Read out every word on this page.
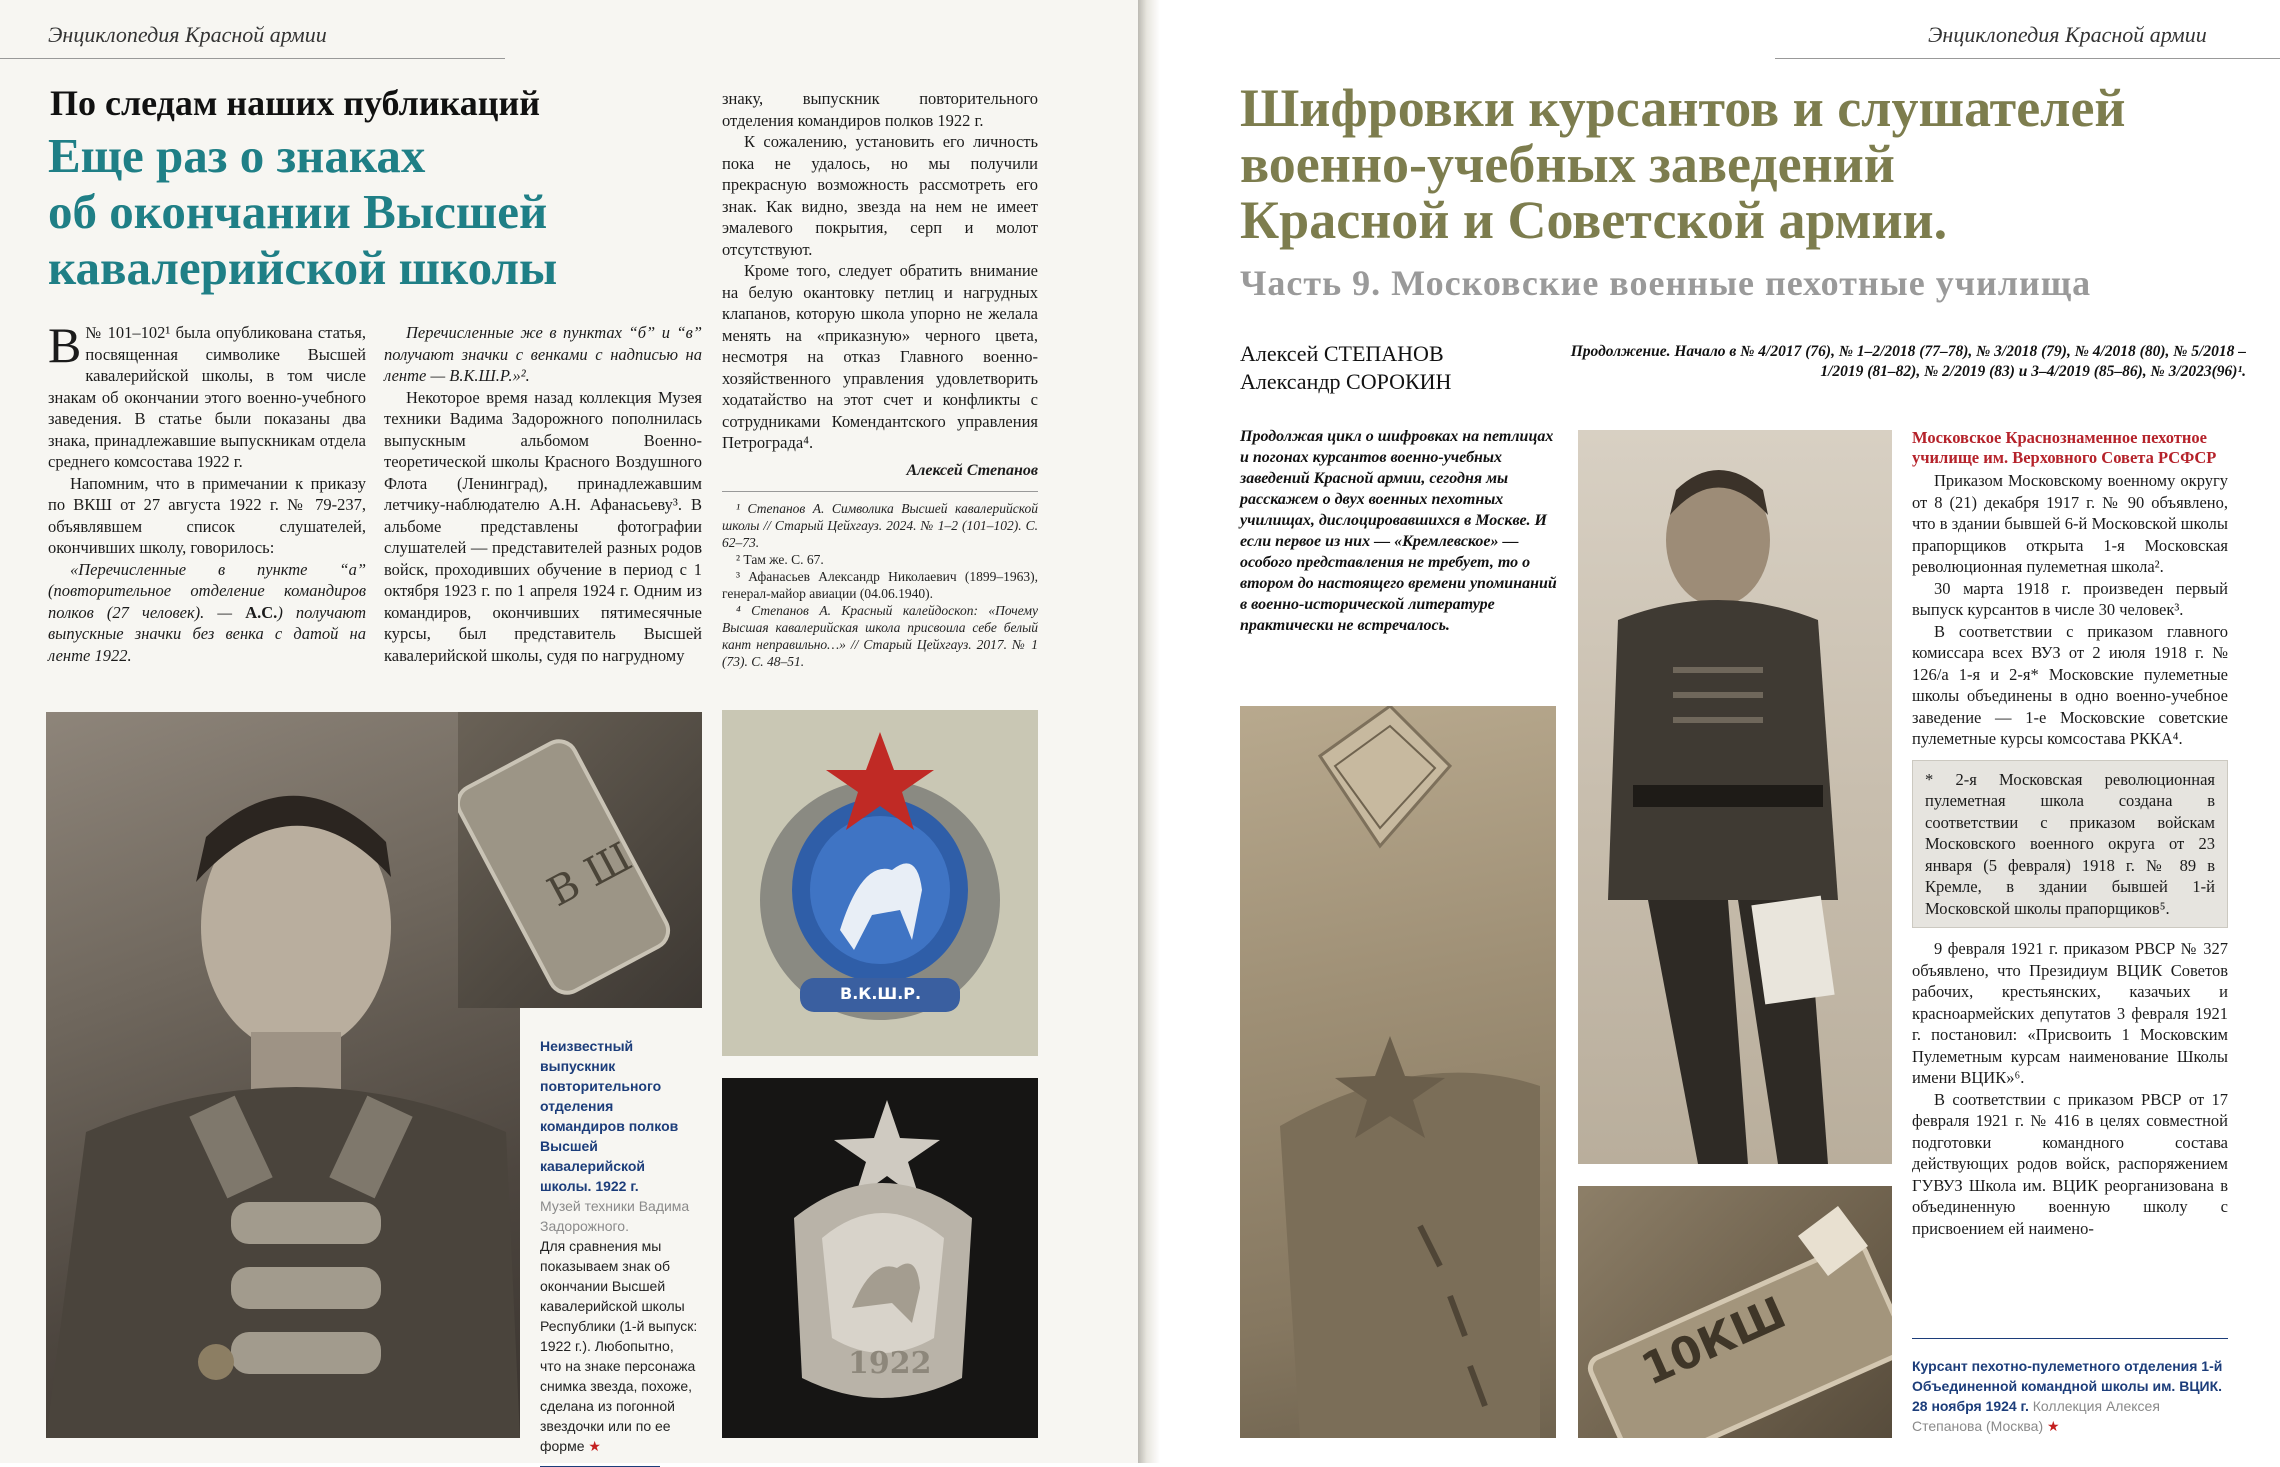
Энциклопедия Красной армии
По следам наших публикаций
Еще раз о знаках
об окончании Высшей
кавалерийской школы

В № 101–102¹ была опубликована статья, посвященная символике Высшей кавалерийской школы, в том числе знакам об окончании этого военно-учебного заведения. В статье были показаны два знака, принадлежавшие выпускникам отдела среднего комсостава 1922 г.

Напомним, что в примечании к приказу по ВКШ от 27 августа 1922 г. № 79-237, объявлявшем список слушателей, окончивших школу, говорилось:

«Перечисленные в пункте “а” (повторительное отделение командиров полков (27 человек). — А.С.) получают выпускные значки без венка с датой на ленте 1922.

Перечисленные же в пунктах “б” и “в” получают значки с венками с надписью на ленте — В.К.Ш.Р.»².

Некоторое время назад коллекция Музея техники Вадима Задорожного пополнилась выпускным альбомом Военно-теоретической школы Красного Воздушного Флота (Ленинград), принадлежавшим летчику-наблюдателю А.Н. Афанасьеву³. В альбоме представлены фотографии слушателей — представителей разных родов войск, проходивших обучение в период с 1 октября 1923 г. по 1 апреля 1924 г. Одним из командиров, окончивших пятимесячные курсы, был представитель Высшей кавалерийской школы, судя по нагрудному

знаку, выпускник повторительного отделения командиров полков 1922 г.

К сожалению, установить его личность пока не удалось, но мы получили прекрасную возможность рассмотреть его знак. Как видно, звезда на нем не имеет эмалевого покрытия, серп и молот отсутствуют.

Кроме того, следует обратить внимание на белую окантовку петлиц и нагрудных клапанов, которую школа упорно не желала менять на «приказную» черного цвета, несмотря на отказ Главного военно-хозяйственного управления удовлетворить ходатайство на этот счет и конфликты с сотрудниками Комендантского управления Петрограда⁴.

Алексей Степанов

¹ Степанов А. Символика Высшей кавалерийской школы // Старый Цейхгауз. 2024. № 1–2 (101–102). С. 62–73.

² Там же. С. 67.

³ Афанасьев Александр Николаевич (1899–1963), генерал-майор авиации (04.06.1940).

⁴ Степанов А. Красный калейдоскоп: «Почему Высшая кавалерийская школа присвоила себе белый кант неправильно…» // Старый Цейхгауз. 2017. № 1 (73). С. 48–51.

В Ш
Неизвестный выпускник повторительного отделения командиров полков Высшей кавалерийской школы. 1922 г.
Музей техники Вадима Задорожного.
Для сравнения мы показываем знак об окончании Высшей кавалерийской школы Республики (1-й выпуск: 1922 г.). Любопытно, что на знаке персонажа снимка звезда, похоже, сделана из погонной звездочки или по ее форме ★
В.К.Ш.Р.
1922
Энциклопедия Красной армии
Шифровки курсантов и слушателей
военно-учебных заведений
Красной и Советской армии.
Часть 9. Московские военные пехотные училища
Алексей СТЕПАНОВ
Александр СОРОКИН
Продолжение. Начало в № 4/2017 (76), № 1–2/2018 (77–78), № 3/2018 (79), № 4/2018 (80), № 5/2018 – 1/2019 (81–82), № 2/2019 (83) и 3–4/2019 (85–86), № 3/2023(96)¹.
Продолжая цикл о шифровках на петлицах и погонах курсантов военно-учебных заведений Красной армии, сегодня мы расскажем о двух военных пехотных училищах, дислоцировавшихся в Москве. И если первое из них — «Кремлевское» — особого представления не требует, то о втором до настоящего времени упоминаний в военно-исторической литературе практически не встречалось.
10КШ
Московское Краснознаменное пехотное училище им. Верховного Совета РСФСР

Приказом Московскому военному округу от 8 (21) декабря 1917 г. № 90 объявлено, что в здании бывшей 6-й Московской школы прапорщиков открыта 1-я Московская революционная пулеметная школа².

30 марта 1918 г. произведен первый выпуск курсантов в числе 30 человек³.

В соответствии с приказом главного комиссара всех ВУЗ от 2 июля 1918 г. № 126/а 1-я и 2-я* Московские пулеметные школы объединены в одно военно-учебное заведение — 1-е Московские советские пулеметные курсы комсостава РККА⁴.

* 2-я Московская революционная пулеметная школа создана в соответствии с приказом войскам Московского военного округа от 23 января (5 февраля) 1918 г. № 89 в Кремле, в здании бывшей 1-й Московской школы прапорщиков⁵.

9 февраля 1921 г. приказом РВСР № 327 объявлено, что Президиум ВЦИК Советов рабочих, крестьянских, казачьих и красноармейских депутатов 3 февраля 1921 г. постановил: «Присвоить 1 Московским Пулеметным курсам наименование Школы имени ВЦИК»⁶.

В соответствии с приказом РВСР от 17 февраля 1921 г. № 416 в целях совместной подготовки командного состава действующих родов войск, распоряжением ГУВУЗ Школа им. ВЦИК реорганизована в объединенную военную школу с присвоением ей наименo-

Курсант пехотно-пулеметного отделения 1-й Объединенной командной школы им. ВЦИК. 28 ноября 1924 г. Коллекция Алексея Степанова (Москва) ★
